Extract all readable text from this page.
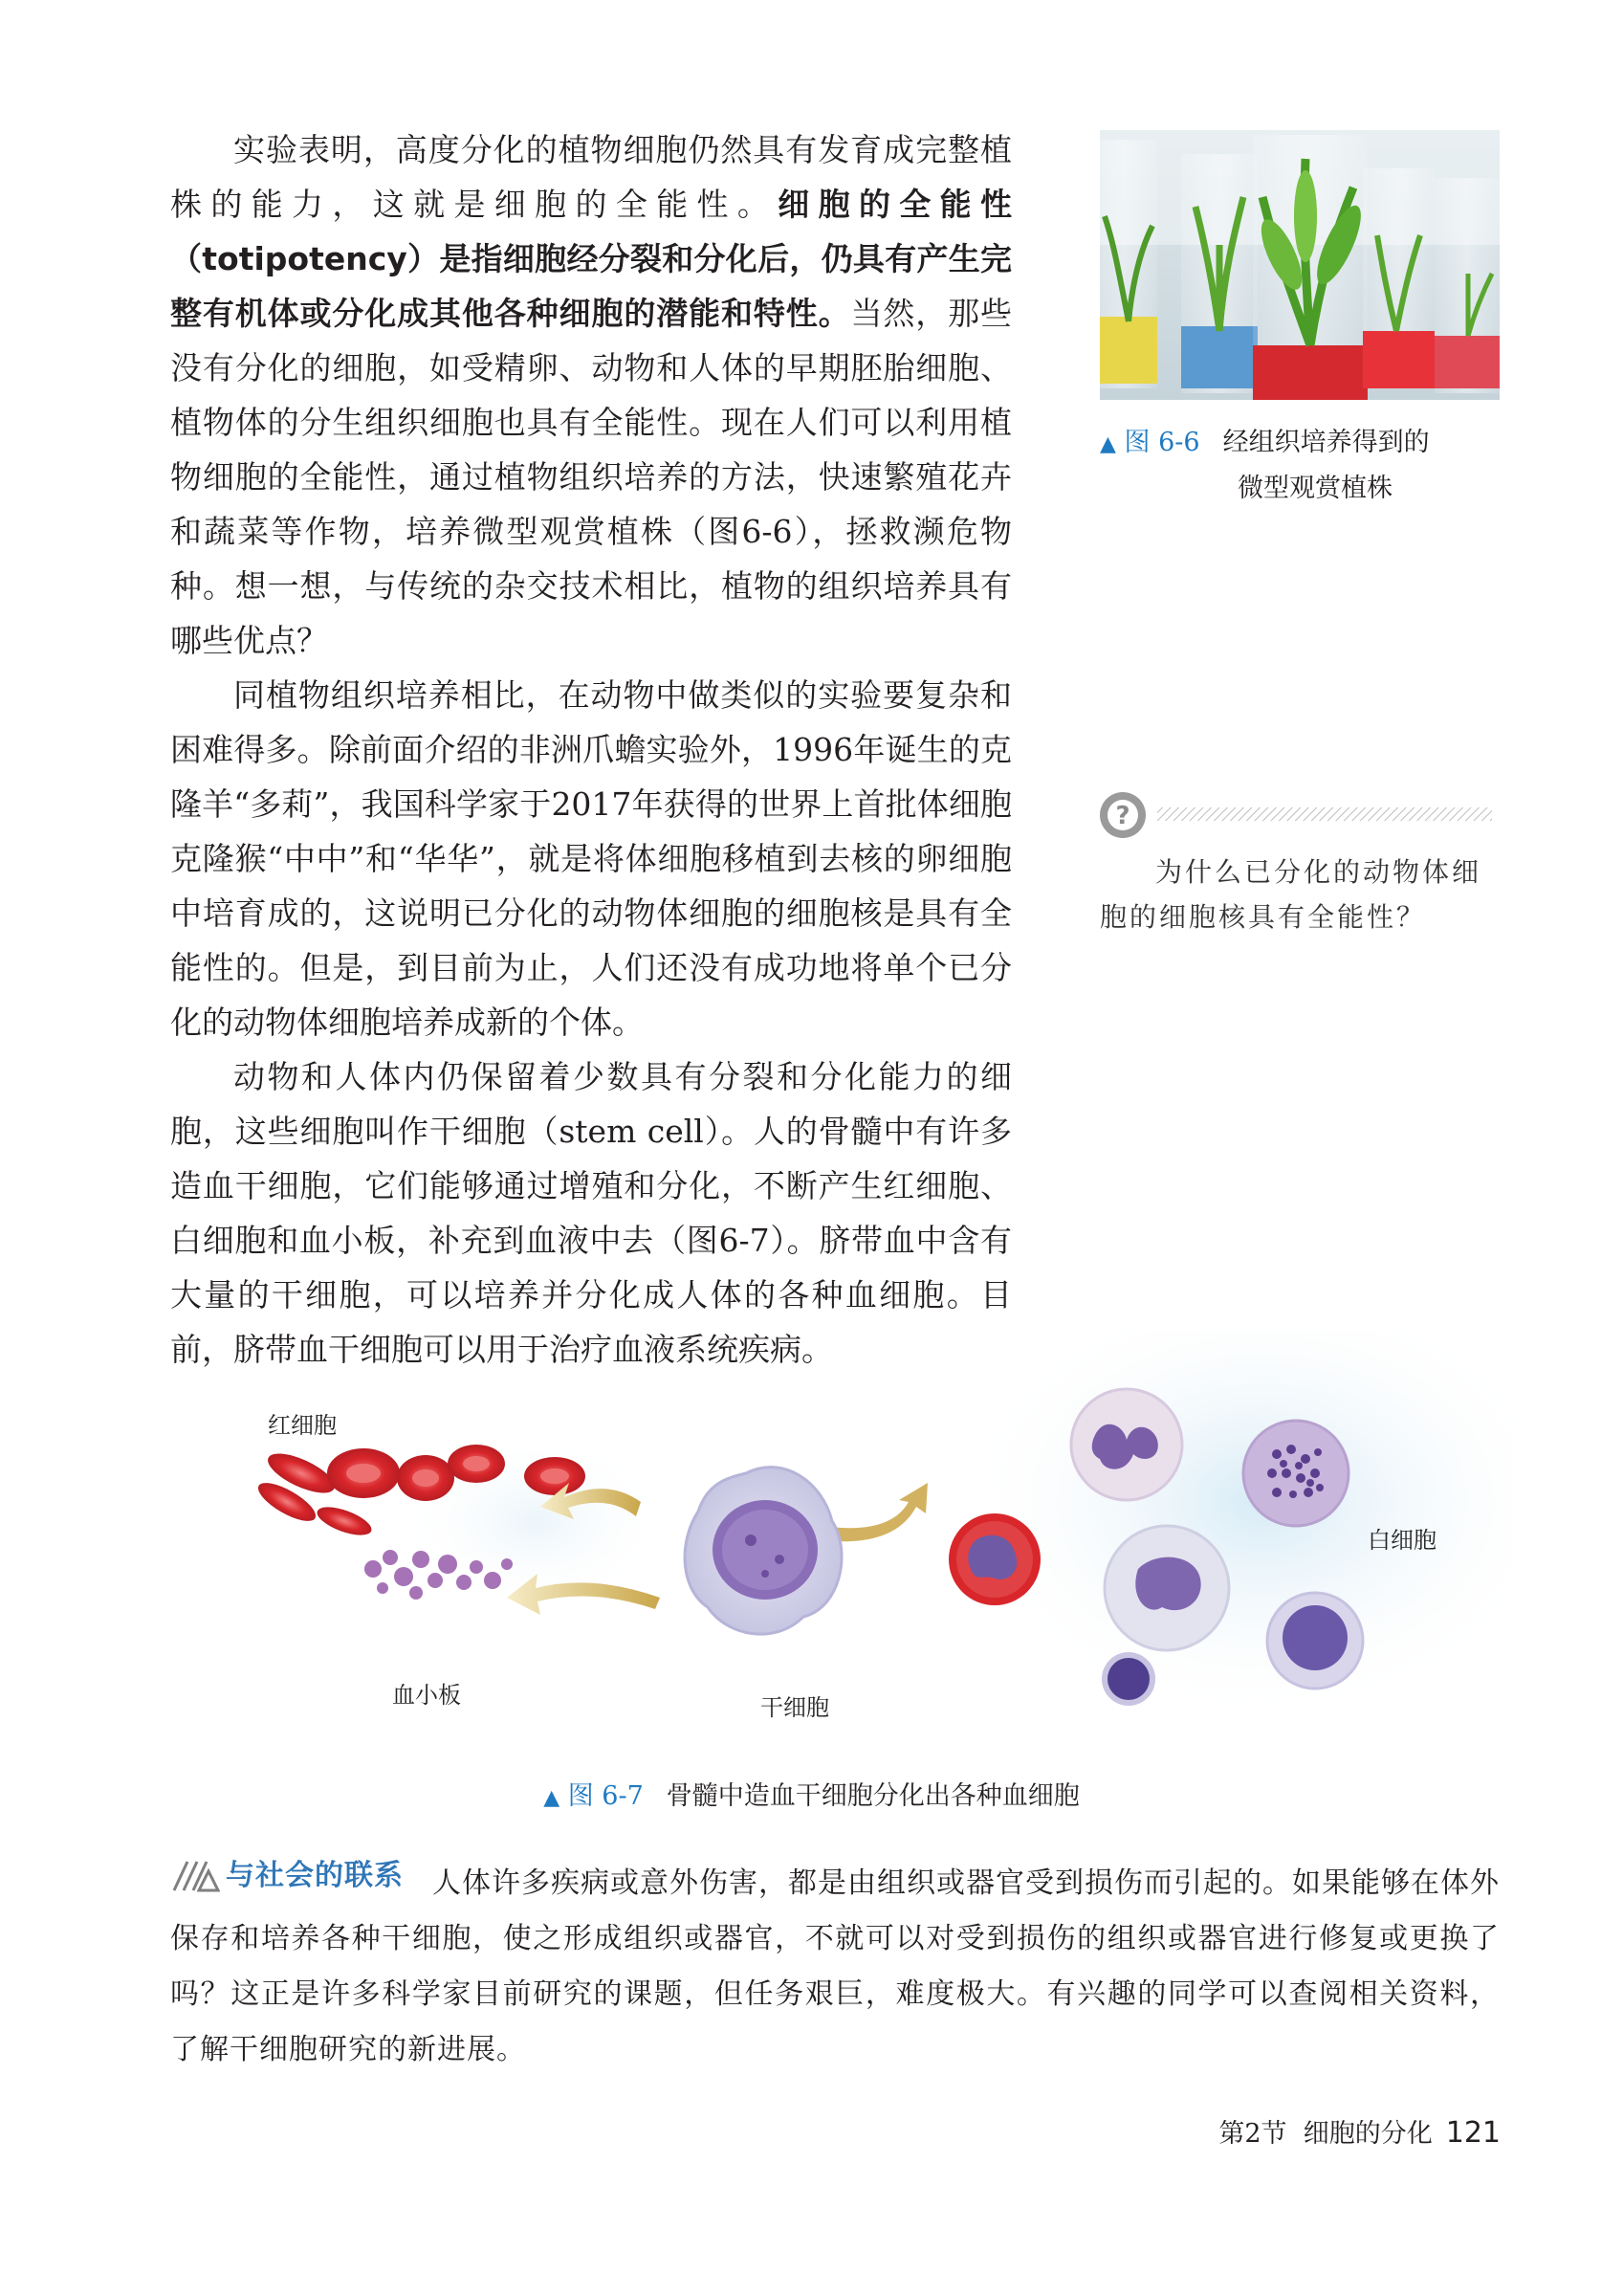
实验表明，高度分化的植物细胞仍然具有发育成完整植株的能力，这就是细胞的全能性。细胞的全能性（totipotency）是指细胞经分裂和分化后，仍具有产生完整有机体或分化成其他各种细胞的潜能和特性。当然，那些没有分化的细胞，如受精卵、动物和人体的早期胚胎细胞、植物体的分生组织细胞也具有全能性。现在人们可以利用植物细胞的全能性，通过植物组织培养的方法，快速繁殖花卉和蔬菜等作物，培养微型观赏植株（图6-6），拯救濒危物种。想一想，与传统的杂交技术相比，植物的组织培养具有哪些优点？

同植物组织培养相比，在动物中做类似的实验要复杂和困难得多。除前面介绍的非洲爪蟾实验外，1996年诞生的克隆羊“多莉”，我国科学家于2017年获得的世界上首批体细胞克隆猴“中中”和“华华”，就是将体细胞移植到去核的卵细胞中培育成的，这说明已分化的动物体细胞的细胞核是具有全能性的。但是，到目前为止，人们还没有成功地将单个已分化的动物体细胞培养成新的个体。

动物和人体内仍保留着少数具有分裂和分化能力的细胞，这些细胞叫作干细胞（stem cell）。人的骨髓中有许多造血干细胞，它们能够通过增殖和分化，不断产生红细胞、白细胞和血小板，补充到血液中去（图6-7）。脐带血中含有大量的干细胞，可以培养并分化成人体的各种血细胞。目前，脐带血干细胞可以用于治疗血液系统疾病。

▲ 图 6-6 经组织培养得到的
微型观赏植株
?
为什么已分化的动物体细胞的细胞核具有全能性？
红细胞
白细胞
血小板	干细胞
▲ 图 6-7 骨髓中造血干细胞分化出各种血细胞
与社会的联系 人体许多疾病或意外伤害，都是由组织或器官受到损伤而引起的。如果能够在体外保存和培养各种干细胞，使之形成组织或器官，不就可以对受到损伤的组织或器官进行修复或更换了吗？这正是许多科学家目前研究的课题，但任务艰巨，难度极大。有兴趣的同学可以查阅相关资料，了解干细胞研究的新进展。
第2节 细胞的分化 121
